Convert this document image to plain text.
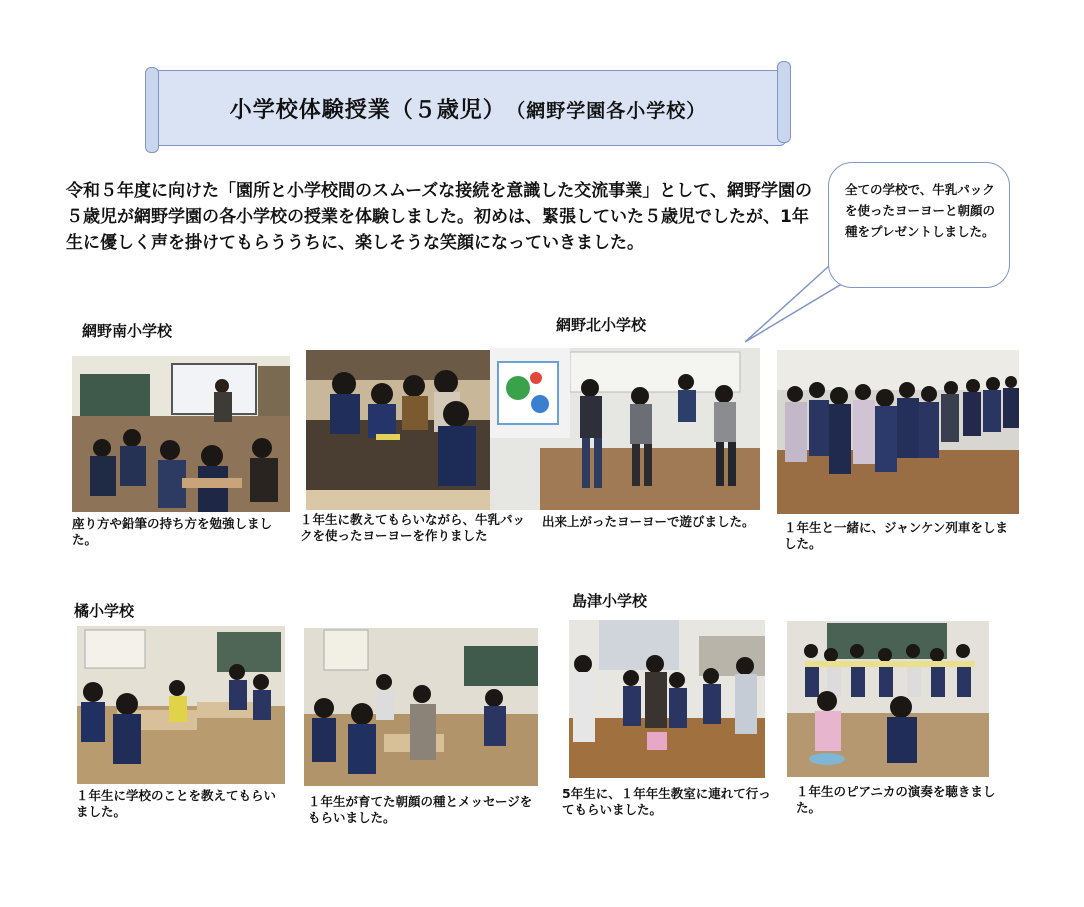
小学校体験授業（５歳児） （網野学園各小学校）
令和５年度に向けた「園所と小学校間のスムーズな接続を意識した交流事業」として、網野学園の５歳児が網野学園の各小学校の授業を体験しました。初めは、緊張していた５歳児でしたが、1年生に優しく声を掛けてもらううちに、楽しそうな笑顔になっていきました。
全ての学校で、牛乳パックを使ったヨーヨーと朝顔の種をプレゼントしました。
網野南小学校	網野北小学校
橘小学校
島津小学校
座り方や鉛筆の持ち方を勉強しました。
１年生に教えてもらいながら、牛乳パックを使ったヨーヨーを作りました
出来上がったヨーヨーで遊びました。	１年生と一緒に、ジャンケン列車をしました。
１年生に学校のことを教えてもらいました。
１年生が育てた朝顔の種とメッセージをもらいました。
5年生に、１年年生教室に連れて行ってもらいました。
１年生のピアニカの演奏を聴きました。
